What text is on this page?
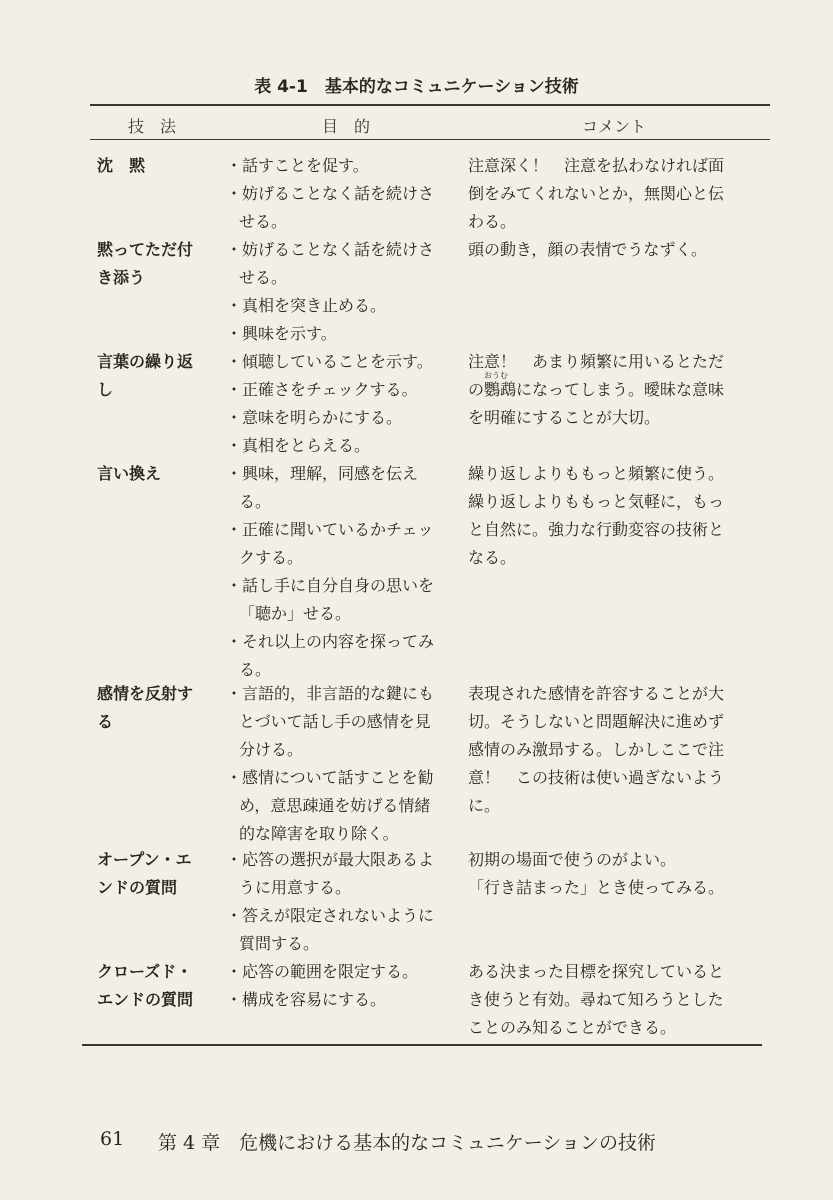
表 4-1　基本的なコミュニケーション技術
技　法	目　的	コメント
沈　黙	・話すことを促す。
・妨げることなく話を続けさ
せる。
注意深く！　注意を払わなければ面
倒をみてくれないとか，無関心と伝
わる。
黙ってただ付
き添う
・妨げることなく話を続けさ
せる。
・真相を突き止める。
・興味を示す。
頭の動き，顔の表情でうなずく。
言葉の繰り返
し
・傾聴していることを示す。
・正確さをチェックする。
・意味を明らかにする。
・真相をとらえる。
注意！　あまり頻繁に用いるとただ
の鸚鵡になってしまう。曖昧な意味
を明確にすることが大切。
おうむ
言い換え	・興味，理解，同感を伝え
る。
・正確に聞いているかチェッ
クする。
・話し手に自分自身の思いを
「聴か」せる。
・それ以上の内容を探ってみ
る。
繰り返しよりももっと頻繁に使う。
繰り返しよりももっと気軽に，もっ
と自然に。強力な行動変容の技術と
なる。
感情を反射す
る
・言語的，非言語的な鍵にも
とづいて話し手の感情を見
分ける。
・感情について話すことを勧
め，意思疎通を妨げる情緒
的な障害を取り除く。
表現された感情を許容することが大
切。そうしないと問題解決に進めず
感情のみ激昻する。しかしここで注
意！　この技術は使い過ぎないよう
に。
オープン・エ
ンドの質問
・応答の選択が最大限あるよ
うに用意する。
・答えが限定されないように
質問する。
初期の場面で使うのがよい。
「行き詰まった」とき使ってみる。
クローズド・
エンドの質問
・応答の範囲を限定する。
・構成を容易にする。
ある決まった目標を探究していると
き使うと有効。尋ねて知ろうとした
ことのみ知ることができる。
61 第 4 章　危機における基本的なコミュニケーションの技術
